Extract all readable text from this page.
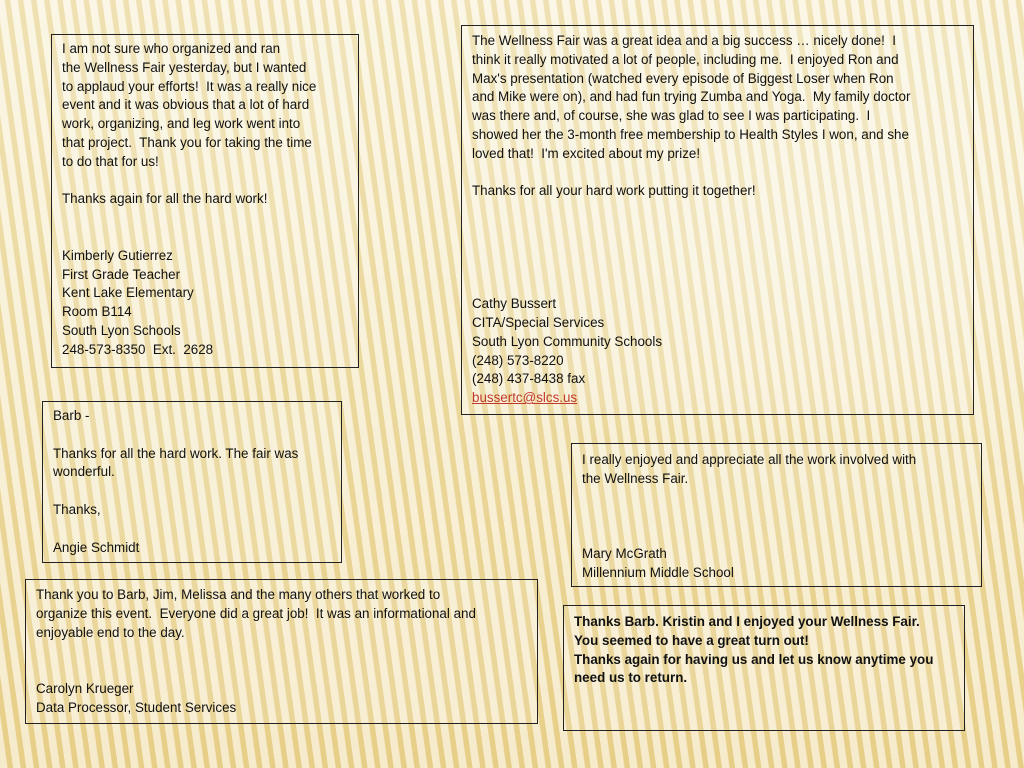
I am not sure who organized and ran
the Wellness Fair yesterday, but I wanted
to applaud your efforts!  It was a really nice
event and it was obvious that a lot of hard
work, organizing, and leg work went into
that project.  Thank you for taking the time
to do that for us!
Thanks again for all the hard work!
Kimberly Gutierrez
First Grade Teacher
Kent Lake Elementary
Room B114
South Lyon Schools
248-573-8350  Ext.  2628
The Wellness Fair was a great idea and a big success … nicely done!  I
think it really motivated a lot of people, including me.  I enjoyed Ron and
Max's presentation (watched every episode of Biggest Loser when Ron
and Mike were on), and had fun trying Zumba and Yoga.  My family doctor
was there and, of course, she was glad to see I was participating.  I
showed her the 3-month free membership to Health Styles I won, and she
loved that!  I'm excited about my prize!
Thanks for all your hard work putting it together!
Cathy Bussert
CITA/Special Services
South Lyon Community Schools
(248) 573-8220
(248) 437-8438 fax
bussertc@slcs.us
Barb -
Thanks for all the hard work. The fair was
wonderful.
Thanks,
Angie Schmidt
I really enjoyed and appreciate all the work involved with
the Wellness Fair.
Mary McGrath
Millennium Middle School
Thank you to Barb, Jim, Melissa and the many others that worked to
organize this event.  Everyone did a great job!  It was an informational and
enjoyable end to the day.
Carolyn Krueger
Data Processor, Student Services
Thanks Barb. Kristin and I enjoyed your Wellness Fair.
You seemed to have a great turn out!
Thanks again for having us and let us know anytime you
need us to return.
